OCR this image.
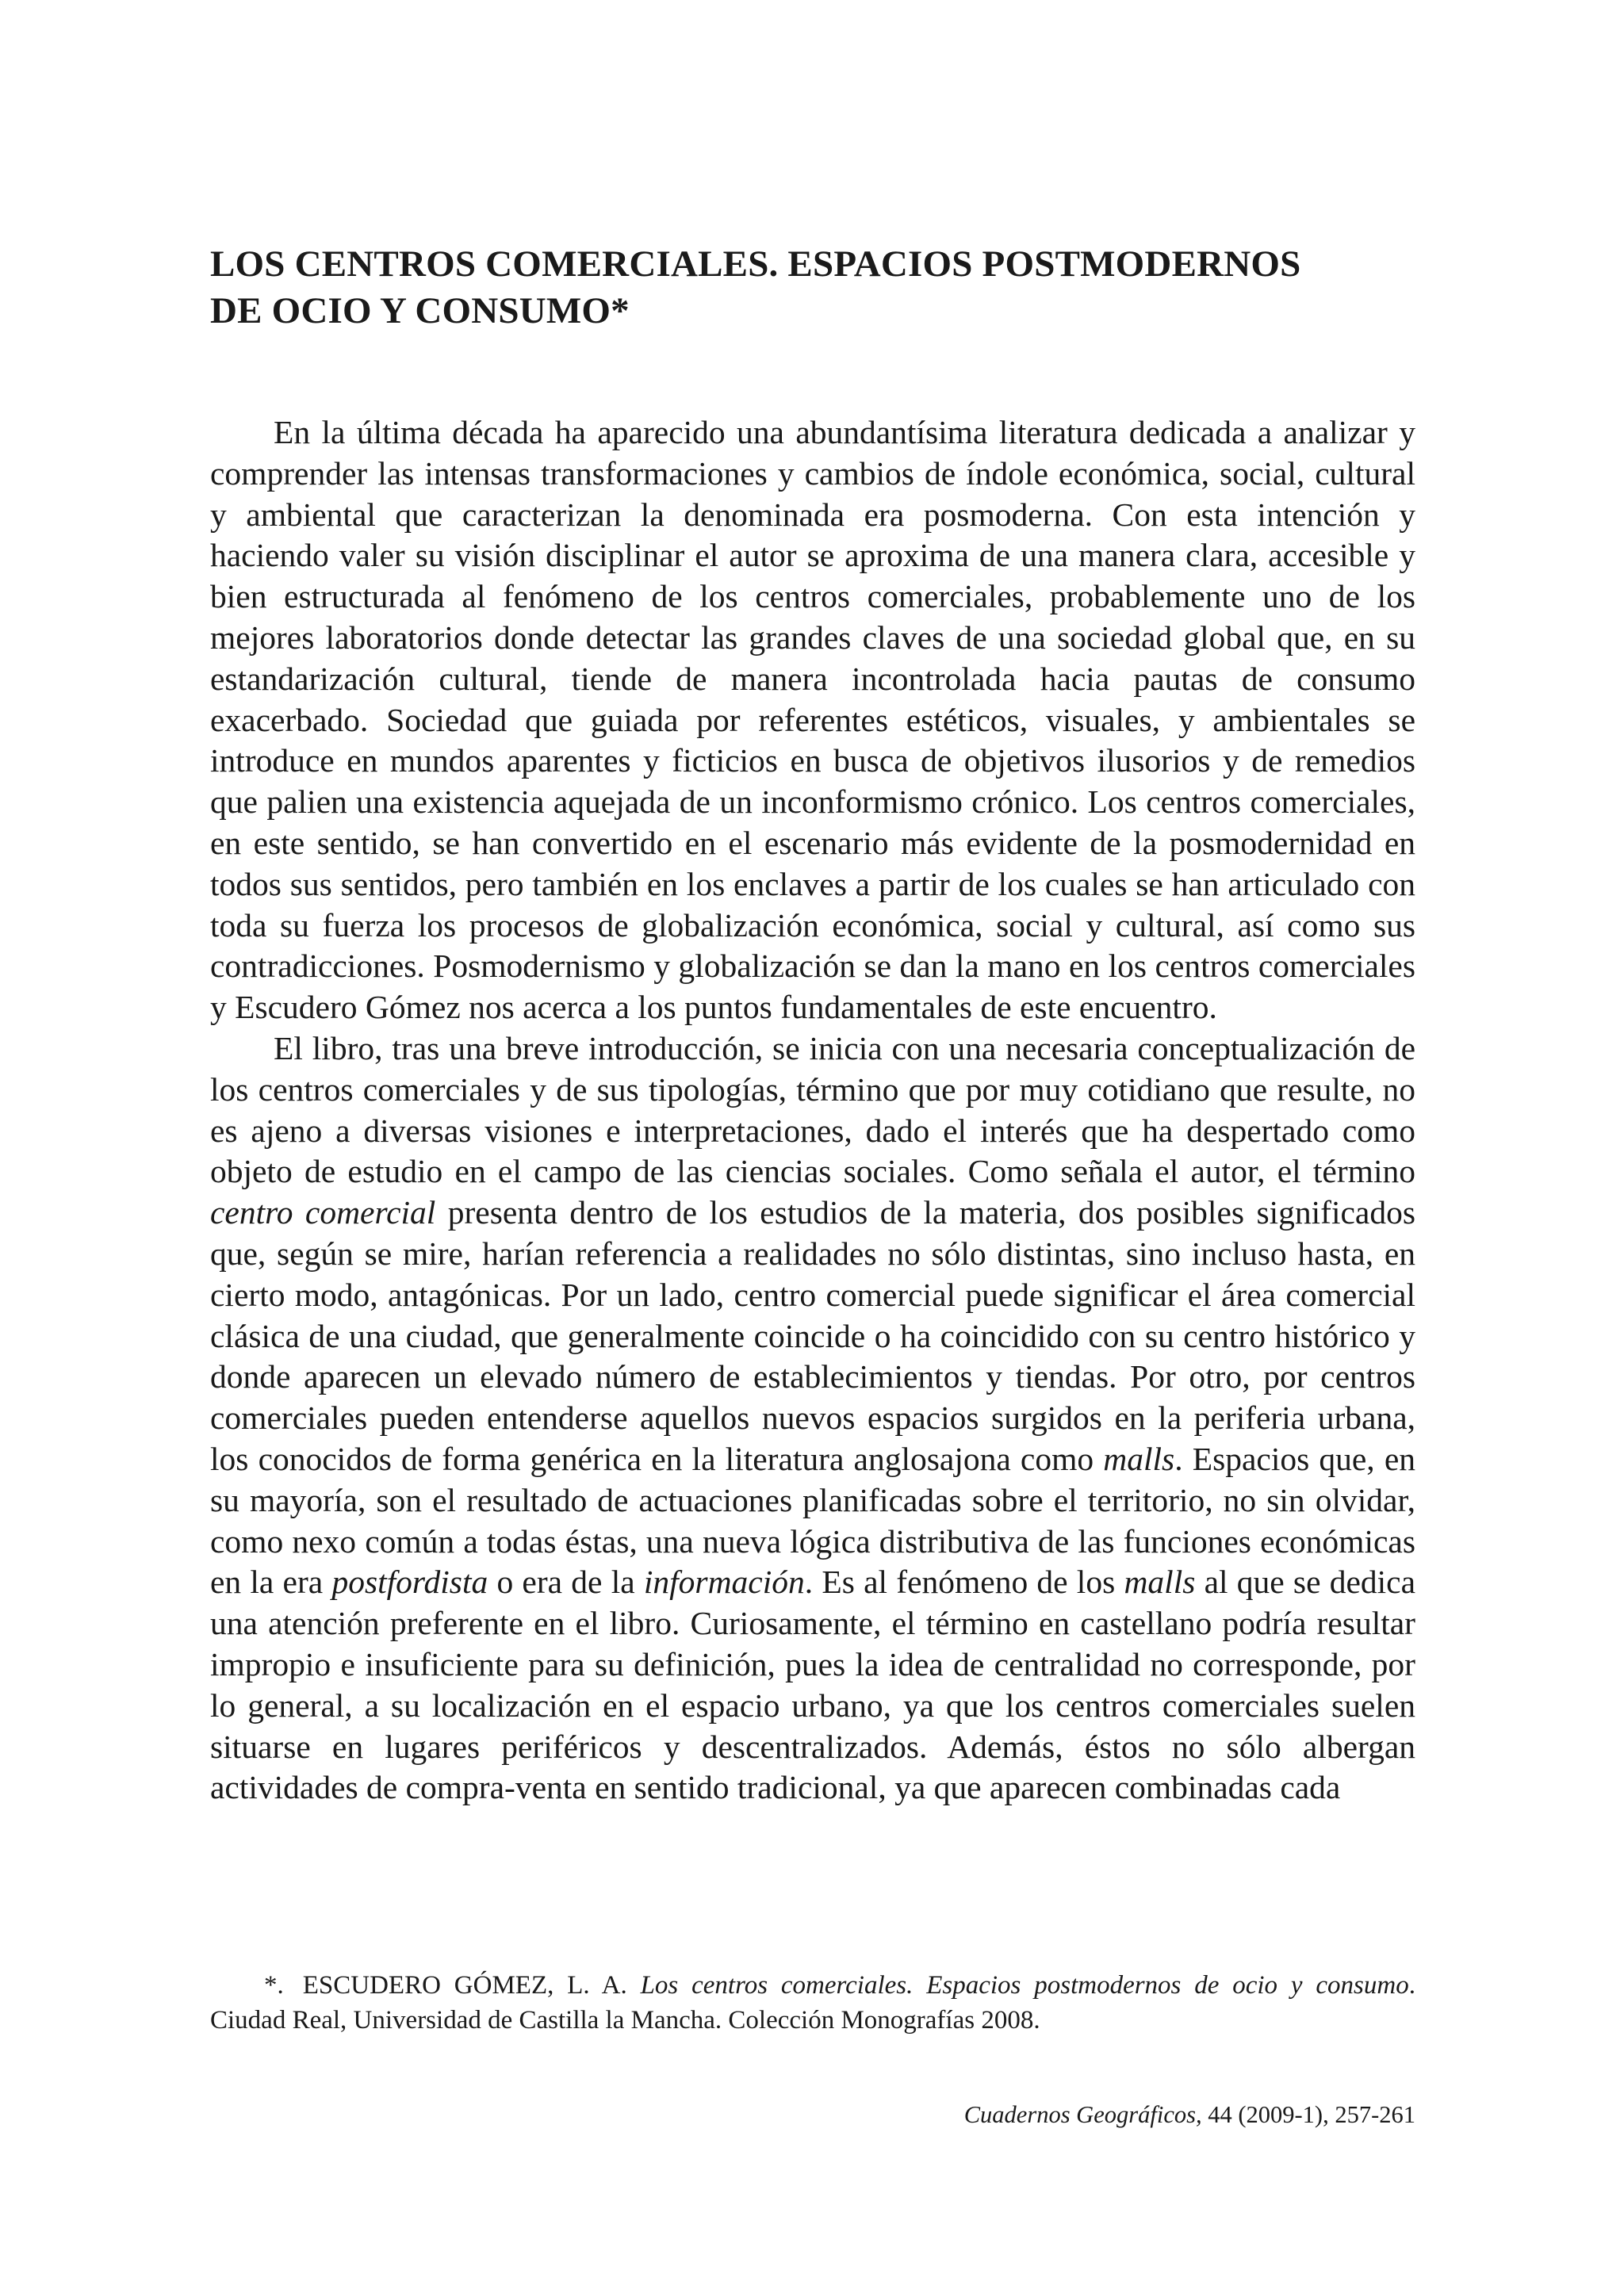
LOS CENTROS COMERCIALES. ESPACIOS POSTMODERNOS
DE OCIO Y CONSUMO*

En la última década ha aparecido una abundantísima literatura dedicada a analizar y comprender las intensas transformaciones y cambios de índole económica, social, cultural y ambiental que caracterizan la denominada era posmoderna. Con esta intención y haciendo valer su visión disciplinar el autor se aproxima de una manera clara, accesible y bien estructurada al fenómeno de los centros comerciales, probablemente uno de los mejores laboratorios donde detectar las grandes claves de una sociedad global que, en su estandarización cultural, tiende de manera incontrolada hacia pautas de consumo exacerbado. Sociedad que guiada por referentes estéticos, visuales, y ambientales se introduce en mundos aparentes y ficticios en busca de objetivos ilusorios y de remedios que palien una existencia aquejada de un inconformismo crónico. Los centros comerciales, en este sentido, se han convertido en el escenario más evidente de la posmodernidad en todos sus sentidos, pero también en los enclaves a partir de los cuales se han articulado con toda su fuerza los procesos de globalización económica, social y cultural, así como sus contradicciones. Posmodernismo y globalización se dan la mano en los centros comerciales y Escudero Gómez nos acerca a los puntos fundamentales de este encuentro.

El libro, tras una breve introducción, se inicia con una necesaria conceptualización de los centros comerciales y de sus tipologías, término que por muy cotidiano que resulte, no es ajeno a diversas visiones e interpretaciones, dado el interés que ha despertado como objeto de estudio en el campo de las ciencias sociales. Como señala el autor, el término centro comercial presenta dentro de los estudios de la materia, dos posibles significados que, según se mire, harían referencia a realidades no sólo distintas, sino incluso hasta, en cierto modo, antagónicas. Por un lado, centro comercial puede significar el área comercial clásica de una ciudad, que generalmente coincide o ha coincidido con su centro histórico y donde aparecen un elevado número de establecimientos y tiendas. Por otro, por centros comerciales pueden entenderse aquellos nuevos espacios surgidos en la periferia urbana, los conocidos de forma genérica en la literatura anglosajona como malls. Espacios que, en su mayoría, son el resultado de actuaciones planificadas sobre el territorio, no sin olvidar, como nexo común a todas éstas, una nueva lógica distributiva de las funciones económicas en la era postfordista o era de la información. Es al fenómeno de los malls al que se dedica una atención preferente en el libro. Curiosamente, el término en castellano podría resultar impropio e insuficiente para su definición, pues la idea de centralidad no corresponde, por lo general, a su localización en el espacio urbano, ya que los centros comerciales suelen situarse en lugares periféricos y descentralizados. Además, éstos no sólo albergan actividades de compra-venta en sentido tradicional, ya que aparecen combinadas cada

*. ESCUDERO GÓMEZ, L. A. Los centros comerciales. Espacios postmodernos de ocio y consumo. Ciudad Real, Universidad de Castilla la Mancha. Colección Monografías 2008.
Cuadernos Geográficos, 44 (2009-1), 257-261
